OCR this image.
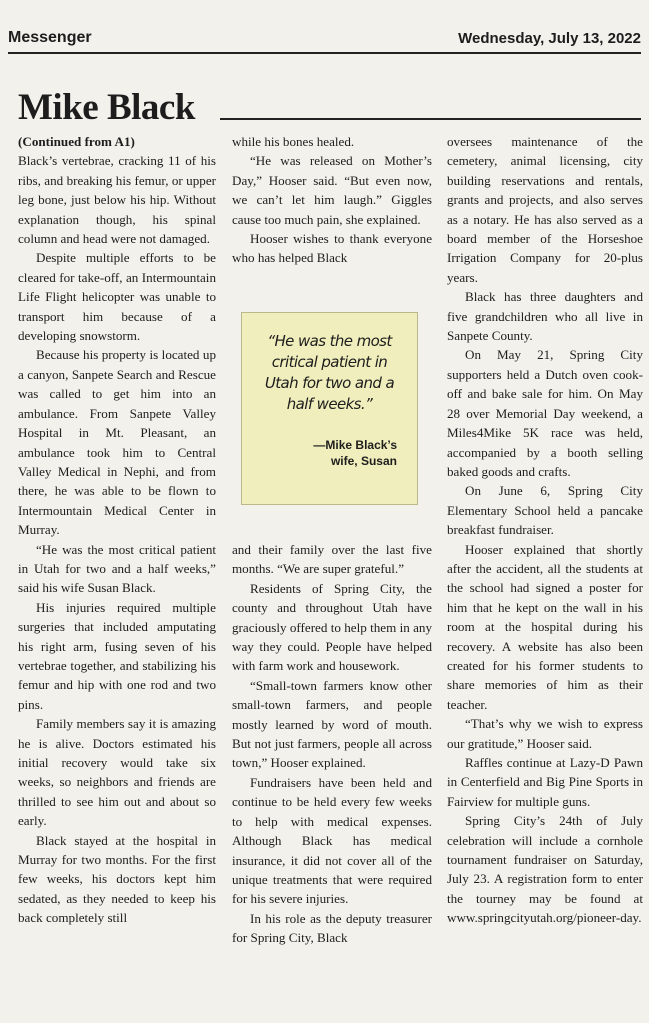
Messenger	Wednesday, July 13, 2022
Mike Black

(Continued from A1)

Black’s vertebrae, cracking 11 of his ribs, and breaking his femur, or upper leg bone, just below his hip. Without explanation though, his spinal column and head were not damaged.

Despite multiple efforts to be cleared for take-off, an Intermountain Life Flight helicopter was unable to transport him because of a developing snowstorm.

Because his property is located up a canyon, Sanpete Search and Rescue was called to get him into an ambulance. From Sanpete Valley Hospital in Mt. Pleasant, an ambulance took him to Central Valley Medical in Nephi, and from there, he was able to be flown to Intermountain Medical Center in Murray.

“He was the most critical patient in Utah for two and a half weeks,” said his wife Susan Black.

His injuries required multiple surgeries that included amputating his right arm, fusing seven of his vertebrae together, and stabilizing his femur and hip with one rod and two pins.

Family members say it is amazing he is alive. Doctors estimated his initial recovery would take six weeks, so neighbors and friends are thrilled to see him out and about so early.

Black stayed at the hospital in Murray for two months. For the first few weeks, his doctors kept him sedated, as they needed to keep his back completely still

while his bones healed.

“He was released on Mother’s Day,” Hooser said. “But even now, we can’t let him laugh.” Giggles cause too much pain, she explained.

Hooser wishes to thank everyone who has helped Black

and their family over the last five months. “We are super grateful.”

Residents of Spring City, the county and throughout Utah have graciously offered to help them in any way they could. People have helped with farm work and housework.

“Small-town farmers know other small-town farmers, and people mostly learned by word of mouth. But not just farmers, people all across town,” Hooser explained.

Fundraisers have been held and continue to be held every few weeks to help with medical expenses. Although Black has medical insurance, it did not cover all of the unique treatments that were required for his severe injuries.

In his role as the deputy treasurer for Spring City, Black

“He was the most critical patient in Utah for two and a half weeks.”
—Mike Black’s
wife, Susan

oversees maintenance of the cemetery, animal licensing, city building reservations and rentals, grants and projects, and also serves as a notary. He has also served as a board member of the Horseshoe Irrigation Company for 20-plus years.

Black has three daughters and five grandchildren who all live in Sanpete County.

On May 21, Spring City supporters held a Dutch oven cook-off and bake sale for him. On May 28 over Memorial Day weekend, a Miles4Mike 5K race was held, accompanied by a booth selling baked goods and crafts.

On June 6, Spring City Elementary School held a pancake breakfast fundraiser.

Hooser explained that shortly after the accident, all the students at the school had signed a poster for him that he kept on the wall in his room at the hospital during his recovery. A website has also been created for his former students to share memories of him as their teacher.

“That’s why we wish to express our gratitude,” Hooser said.

Raffles continue at Lazy-D Pawn in Centerfield and Big Pine Sports in Fairview for multiple guns.

Spring City’s 24th of July celebration will include a cornhole tournament fundraiser on Saturday, July 23. A registration form to enter the tourney may be found at www.springcityutah.org/pioneer-day.
